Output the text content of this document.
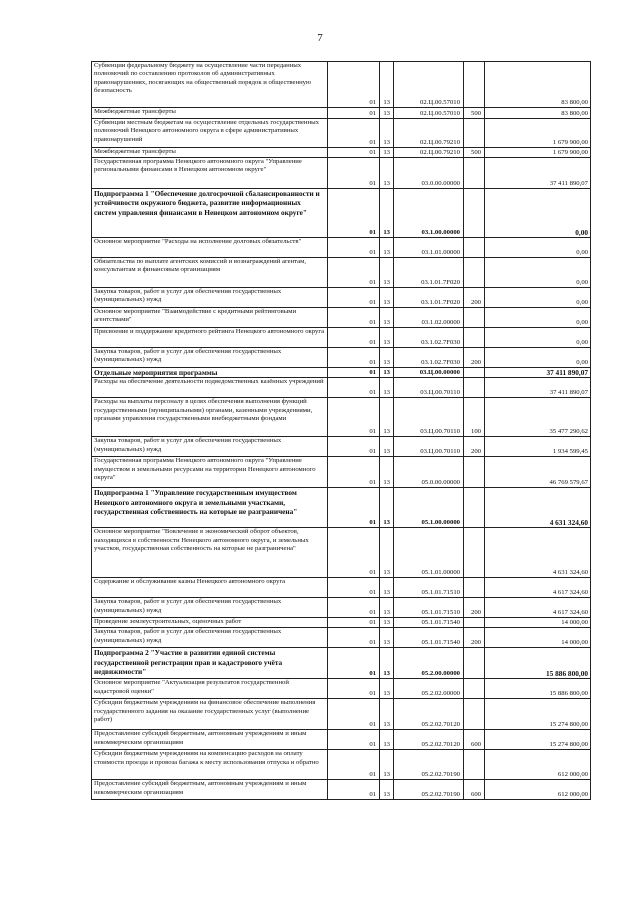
7
Субвенции федеральному бюджету на осуществление части переданных полномочий по составлению протоколов об административных правонарушениях, посягающих на общественный порядок и общественную безопасность	01	13	02.Ц.00.57010		83 800,00
Межбюджетные трансферты	01	13	02.Ц.00.57010	500	83 800,00
Субвенции местным бюджетам на осуществление отдельных государственных полномочий Ненецкого автономного округа в сфере административных правонарушений	01	13	02.Ц.00.79210		1 679 900,00
Межбюджетные трансферты	01	13	02.Ц.00.79210	500	1 679 900,00
Государственная программа Ненецкого автономного округа "Управление региональными финансами в Ненецком автономном округе"	01	13	03.0.00.00000		37 411 890,07
Подпрограмма 1 "Обеспечение долгосрочной сбалансированности и устойчивости окружного бюджета, развитие информационных систем управления финансами в Ненецком автономном округе"	01	13	03.1.00.00000		0,00
Основное мероприятие "Расходы на исполнение долговых обязательств"	01	13	03.1.01.00000		0,00
Обязательства по выплате агентских комиссий и вознаграждений агентам, консультантам и финансовым организациям	01	13	03.1.01.7F020		0,00
Закупка товаров, работ и услуг для обеспечения государственных (муниципальных) нужд	01	13	03.1.01.7F020	200	0,00
Основное мероприятие "Взаимодействие с кредитными рейтинговыми агентствами"	01	13	03.1.02.00000		0,00
Присвоение и поддержание кредитного рейтинга Ненецкого автономного округа	01	13	03.1.02.7F030		0,00
Закупка товаров, работ и услуг для обеспечения государственных (муниципальных) нужд	01	13	03.1.02.7F030	200	0,00
Отдельные мероприятия программы	01	13	03.Ц.00.00000		37 411 890,07
Расходы на обеспечение деятельности подведомственных казённых учреждений	01	13	03.Ц.00.70110		37 411 890,07
Расходы на выплаты персоналу в целях обеспечения выполнения функций государственными (муниципальными) органами, казенными учреждениями, органами управления государственными внебюджетными фондами	01	13	03.Ц.00.70110	100	35 477 290,62
Закупка товаров, работ и услуг для обеспечения государственных (муниципальных) нужд	01	13	03.Ц.00.70110	200	1 934 599,45
Государственная программа Ненецкого автономного округа "Управление имуществом и земельными ресурсами на территории Ненецкого автономного округа"	01	13	05.0.00.00000		46 769 579,67
Подпрограмма 1 "Управление государственным имуществом Ненецкого автономного округа и земельными участками, государственная собственность на которые не разграничена"	01	13	05.1.00.00000		4 631 324,60
Основное мероприятие "Вовлечение в экономический оборот объектов, находящихся в собственности Ненецкого автономного округа, и земельных участков, государственная собственность на которые не разграничена"	01	13	05.1.01.00000		4 631 324,60
Содержание и обслуживание казны Ненецкого автономного округа	01	13	05.1.01.71510		4 617 324,60
Закупка товаров, работ и услуг для обеспечения государственных (муниципальных) нужд	01	13	05.1.01.71510	200	4 617 324,60
Проведение землеустроительных, оценочных работ	01	13	05.1.01.71540		14 000,00
Закупка товаров, работ и услуг для обеспечения государственных (муниципальных) нужд	01	13	05.1.01.71540	200	14 000,00
Подпрограмма 2 "Участие в развитии единой системы государственной регистрации прав и кадастрового учёта недвижимости"	01	13	05.2.00.00000		15 886 800,00
Основное мероприятие "Актуализация результатов государственной кадастровой оценки"	01	13	05.2.02.00000		15 886 800,00
Субсидии бюджетным учреждениям на финансовое обеспечение выполнения государственного задания на оказание государственных услуг (выполнение работ)	01	13	05.2.02.70120		15 274 800,00
Предоставление субсидий бюджетным, автономным учреждениям и иным некоммерческим организациям	01	13	05.2.02.70120	600	15 274 800,00
Субсидии бюджетным учреждениям на компенсацию расходов на оплату стоимости проезда и провоза багажа к месту использования отпуска и обратно	01	13	05.2.02.70190		612 000,00
Предоставление субсидий бюджетным, автономным учреждениям и иным некоммерческим организациям	01	13	05.2.02.70190	600	612 000,00
